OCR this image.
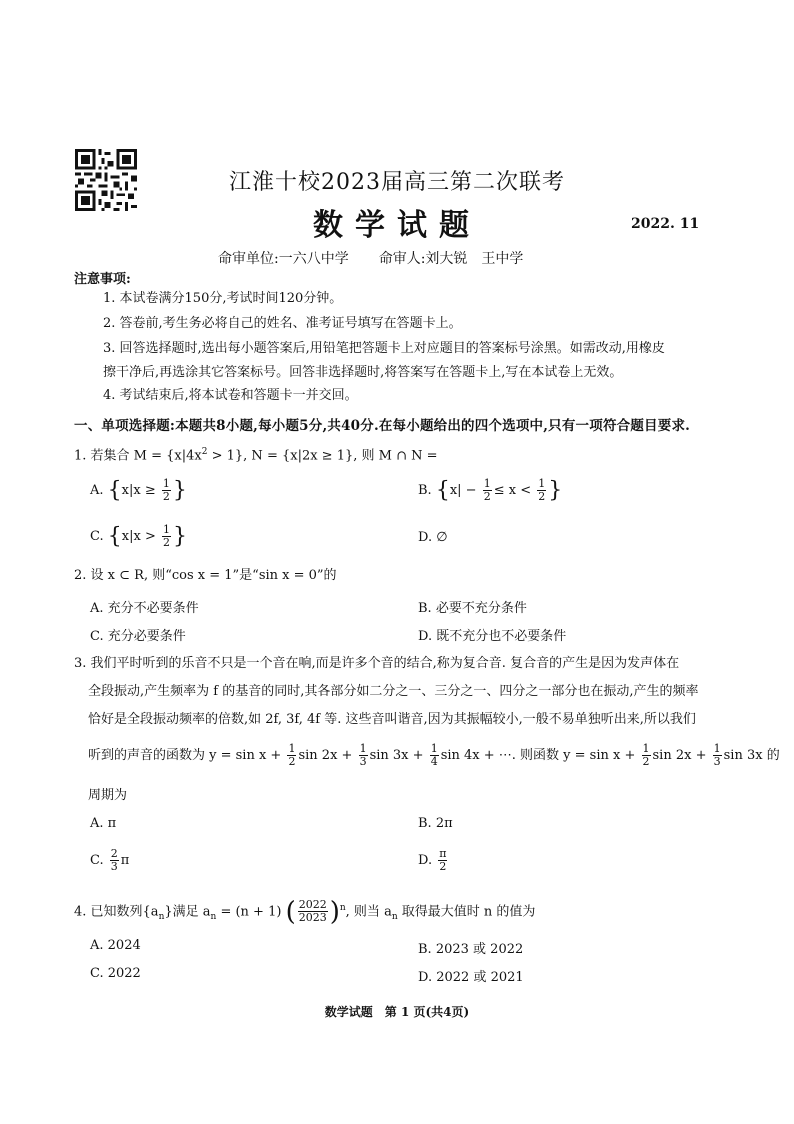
江淮十校2023届高三第二次联考
数学试题	2022. 11
命审单位:一六八中学 命审人:刘大锐　王中学
注意事项:
1. 本试卷满分150分,考试时间120分钟。
2. 答卷前,考生务必将自己的姓名、准考证号填写在答题卡上。
3. 回答选择题时,选出每小题答案后,用铅笔把答题卡上对应题目的答案标号涂黑。如需改动,用橡皮
擦干净后,再选涂其它答案标号。回答非选择题时,将答案写在答题卡上,写在本试卷上无效。
4. 考试结束后,将本试卷和答题卡一并交回。
一、单项选择题:本题共8小题,每小题5分,共40分.在每小题给出的四个选项中,只有一项符合题目要求.
1. 若集合 $M = \{x|4x^2 > 1\}$, N = {x|2x ≥ 1}, 则 M ∩ N =
A. {$x|x \ge \frac{1}{2}$ }	B. {$x| - \frac{1}{2} \le x < \frac{1}{2}$ }
C. {$x|x > \frac{1}{2}$ }	D. ∅
2. 设 x ⊂ R, 则“cos x = 1”是“sin x = 0”的
A. 充分不必要条件	B. 必要不充分条件
C. 充分必要条件	D. 既不充分也不必要条件
3. 我们平时听到的乐音不只是一个音在响,而是许多个音的结合,称为复合音. 复合音的产生是因为发声体在
全段振动,产生频率为 f 的基音的同时,其各部分如二分之一、三分之一、四分之一部分也在振动,产生的频率
恰好是全段振动频率的倍数,如 2f, 3f, 4f 等. 这些音叫谐音,因为其振幅较小,一般不易单独听出来,所以我们
听到的声音的函数为 $y = \sin x + \frac{1}{2}$ $\sin 2x + \frac{1}{3}$ $\sin 3x + \frac{1}{4}$ sin 4x + ⋯. 则函数 $y = \sin x + \frac{1}{2}$ $\sin 2x + \frac{1}{3}$ sin 3x 的
周期为
A. π	B. 2π
C. $\frac{2}{3}$ π	D. $\frac{\pi}{2}$
4. 已知数列$\{a_n\}$满足 $a_n = (n + 1)$ ( $\frac{2022}{2023} )^n$, 则当 $a_n$ 取得最大值时 n 的值为
A. 2024	B. 2023 或 2022
C. 2022	D. 2022 或 2021
数学试题　第 1 页(共4页)
